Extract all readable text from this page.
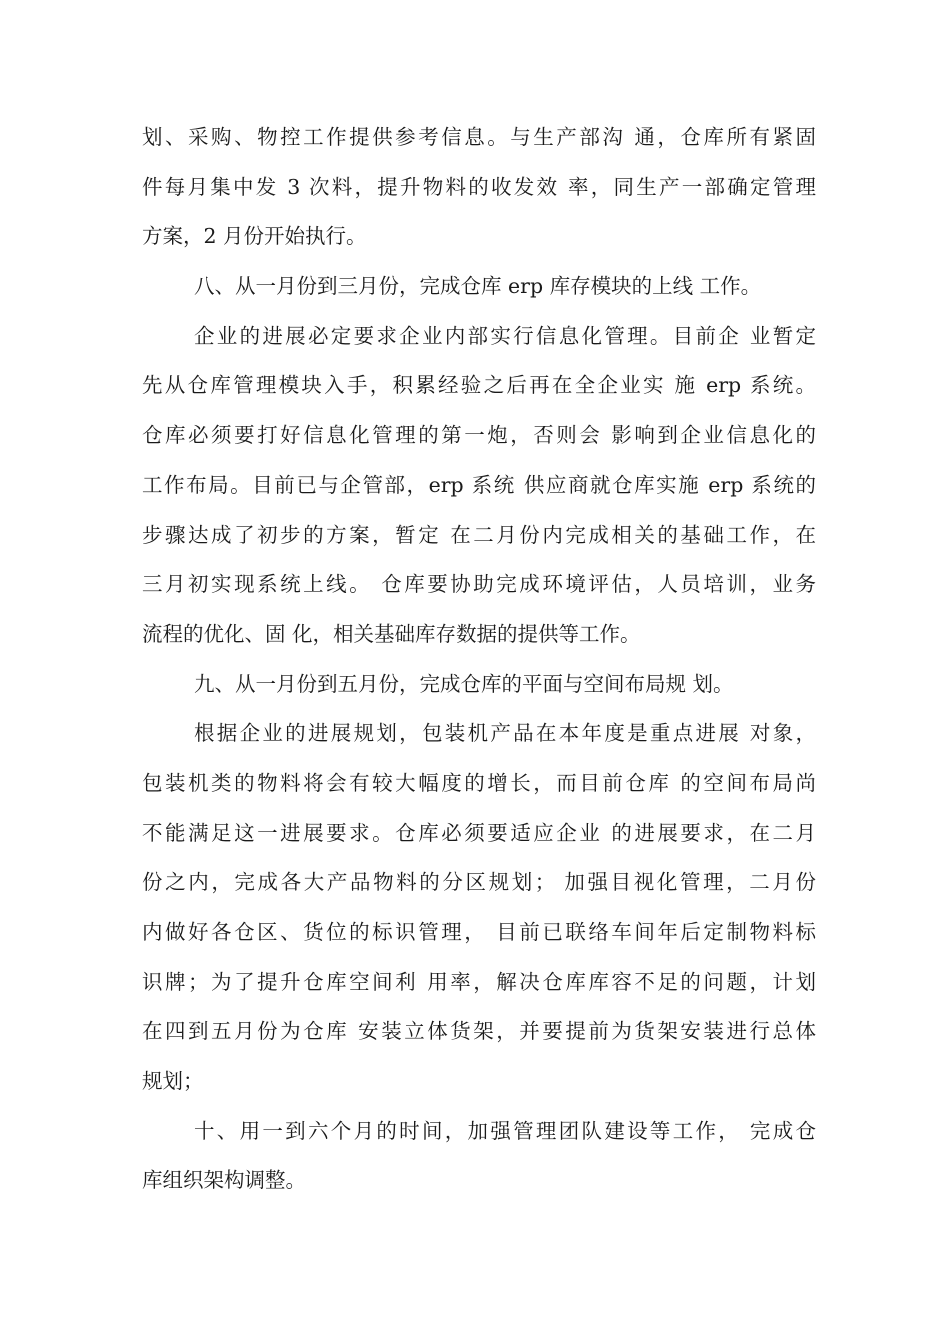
划、采购、物控工作提供参考信息。与生产部沟 通，仓库所有紧固
件每月集中发 3 次料，提升物料的收发效 率，同生产一部确定管理
方案，2 月份开始执行。
八、从一月份到三月份，完成仓库 erp 库存模块的上线 工作。
企业的进展必定要求企业内部实行信息化管理。目前企 业暂定
先从仓库管理模块入手，积累经验之后再在全企业实 施 erp 系统。
仓库必须要打好信息化管理的第一炮，否则会 影响到企业信息化的
工作布局。目前已与企管部，erp 系统 供应商就仓库实施 erp 系统的
步骤达成了初步的方案，暂定 在二月份内完成相关的基础工作，在
三月初实现系统上线。 仓库要协助完成环境评估，人员培训，业务
流程的优化、固 化，相关基础库存数据的提供等工作。
九、从一月份到五月份，完成仓库的平面与空间布局规 划。
根据企业的进展规划，包装机产品在本年度是重点进展 对象，
包装机类的物料将会有较大幅度的增长，而目前仓库 的空间布局尚
不能满足这一进展要求。仓库必须要适应企业 的进展要求，在二月
份之内，完成各大产品物料的分区规划； 加强目视化管理，二月份
内做好各仓区、货位的标识管理， 目前已联络车间年后定制物料标
识牌；为了提升仓库空间利 用率，解决仓库库容不足的问题，计划
在四到五月份为仓库 安装立体货架，并要提前为货架安装进行总体
规划；
十、用一到六个月的时间，加强管理团队建设等工作， 完成仓
库组织架构调整。
